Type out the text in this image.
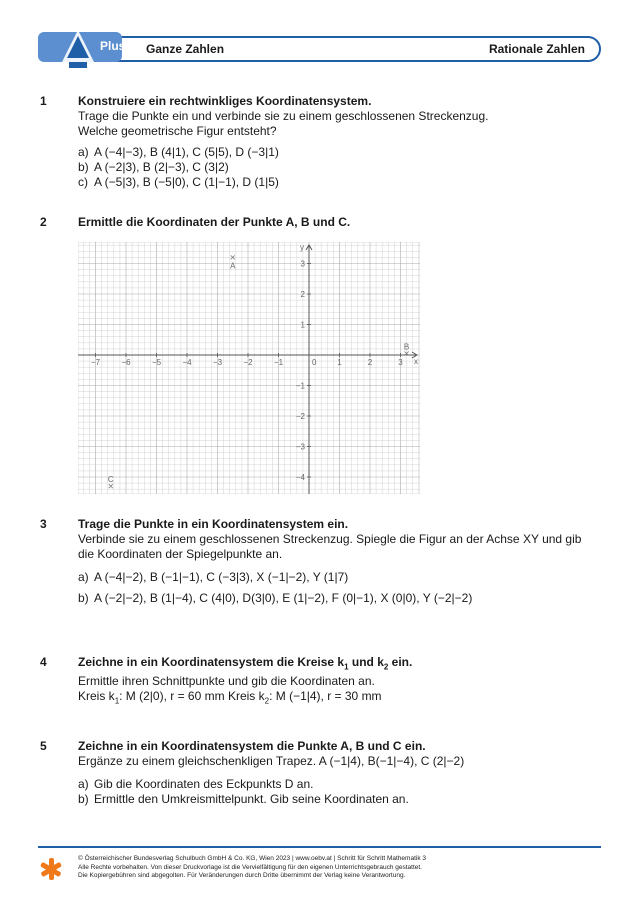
Plus Ganze Zahlen	Rationale Zahlen
1	Konstruiere ein rechtwinkliges Koordinatensystem.
Trage die Punkte ein und verbinde sie zu einem geschlossenen Streckenzug.
Welche geometrische Figur entsteht?
a) A (−4|−3), B (4|1), C (5|5), D (−3|1)
b) A (−2|3), B (2|−3), C (3|2)
c) A (−5|3), B (−5|0), C (1|−1), D (1|5)
2	Ermittle die Koordinaten der Punkte A, B und C.
x
y
0
−7	−6	−5	−4	−3	−2	−1	1	2	3
3
2
1
−1
−2
−3
−4
A
B
C
3	Trage die Punkte in ein Koordinatensystem ein.
Verbinde sie zu einem geschlossenen Streckenzug. Spiegle die Figur an der Achse XY und gib
die Koordinaten der Spiegelpunkte an.
a) A (−4|−2), B (−1|−1), C (−3|3), X (−1|−2), Y (1|7)
b) A (−2|−2), B (1|−4), C (4|0), D(3|0), E (1|−2), F (0|−1), X (0|0), Y (−2|−2)
4	Zeichne in ein Koordinatensystem die Kreise $k_1$ und $k_2$ ein.
Ermittle ihren Schnittpunkte und gib die Koordinaten an.
Kreis $k_1$: M (2|0), r = 60 mm Kreis $k_2$: M (−1|4), r = 30 mm
5	Zeichne in ein Koordinatensystem die Punkte A, B und C ein.
Ergänze zu einem gleichschenkligen Trapez. A (−1|4), B(−1|−4), C (2|−2)
a) Gib die Koordinaten des Eckpunkts D an.
b) Ermittle den Umkreismittelpunkt. Gib seine Koordinaten an.
© Österreichischer Bundesverlag Schulbuch GmbH & Co. KG, Wien 2023 | www.oebv.at | Schritt für Schritt Mathematik 3
Alle Rechte vorbehalten. Von dieser Druckvorlage ist die Vervielfältigung für den eigenen Unterrichtsgebrauch gestattet.
Die Kopiergebühren sind abgegolten. Für Veränderungen durch Dritte übernimmt der Verlag keine Verantwortung.
